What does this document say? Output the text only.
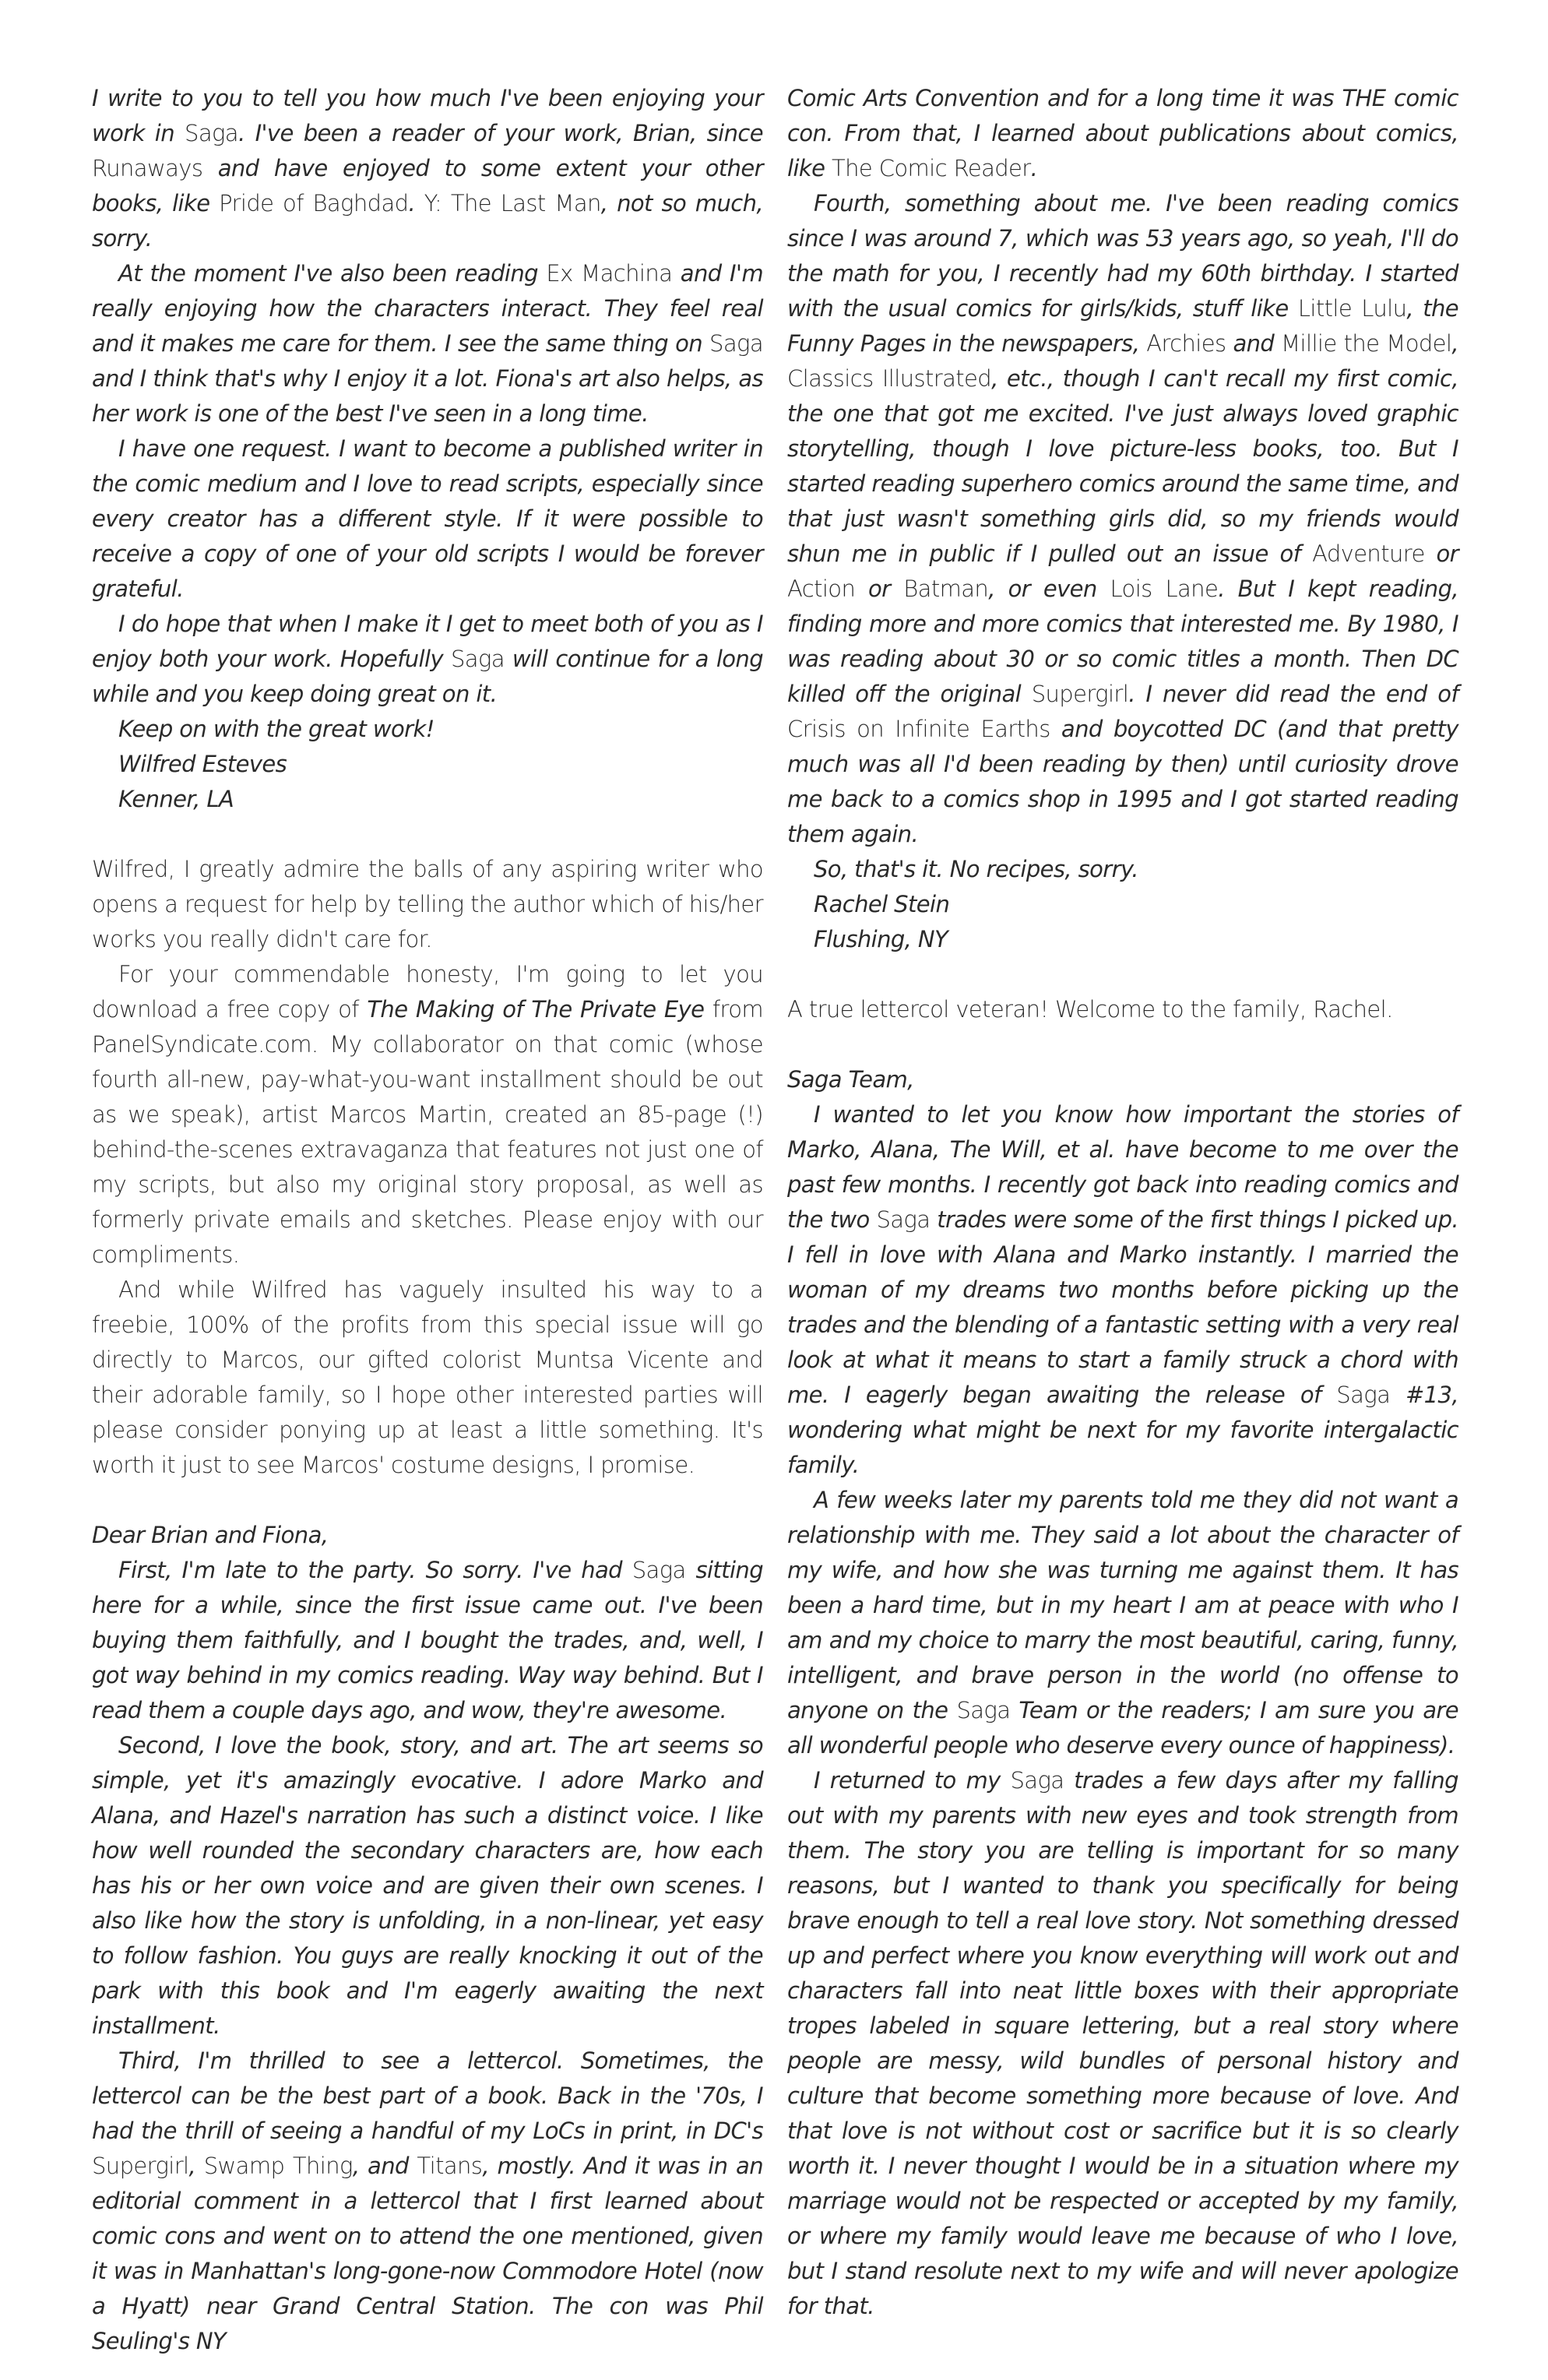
I write to you to tell you how much I've been enjoying your work in Saga. I've been a reader of your work, Brian, since Runaways and have enjoyed to some extent your other books, like Pride of Baghdad. Y: The Last Man, not so much, sorry.

At the moment I've also been reading Ex Machina and I'm really enjoying how the characters interact. They feel real and it makes me care for them. I see the same thing on Saga and I think that's why I enjoy it a lot. Fiona's art also helps, as her work is one of the best I've seen in a long time.

I have one request. I want to become a published writer in the comic medium and I love to read scripts, especially since every creator has a different style. If it were possible to receive a copy of one of your old scripts I would be forever grateful.

I do hope that when I make it I get to meet both of you as I enjoy both your work. Hopefully Saga will continue for a long while and you keep doing great on it.

Keep on with the great work!

Wilfred Esteves

Kenner, LA

Wilfred, I greatly admire the balls of any aspiring writer who opens a request for help by telling the author which of his/her works you really didn't care for.

For your commendable honesty, I'm going to let you download a free copy of The Making of The Private Eye from PanelSyndicate.com. My collaborator on that comic (whose fourth all-new, pay-what-you-want installment should be out as we speak), artist Marcos Martin, created an 85-page (!) behind-the-scenes extravaganza that features not just one of my scripts, but also my original story proposal, as well as formerly private emails and sketches. Please enjoy with our compliments.

And while Wilfred has vaguely insulted his way to a freebie, 100% of the profits from this special issue will go directly to Marcos, our gifted colorist Muntsa Vicente and their adorable family, so I hope other interested parties will please consider ponying up at least a little something. It's worth it just to see Marcos' costume designs, I promise.

Dear Brian and Fiona,

First, I'm late to the party. So sorry. I've had Saga sitting here for a while, since the first issue came out. I've been buying them faithfully, and I bought the trades, and, well, I got way behind in my comics reading. Way way behind. But I read them a couple days ago, and wow, they're awesome.

Second, I love the book, story, and art. The art seems so simple, yet it's amazingly evocative. I adore Marko and Alana, and Hazel's narration has such a distinct voice. I like how well rounded the secondary characters are, how each has his or her own voice and are given their own scenes. I also like how the story is unfolding, in a non-linear, yet easy to follow fashion. You guys are really knocking it out of the park with this book and I'm eagerly awaiting the next installment.

Third, I'm thrilled to see a lettercol. Sometimes, the lettercol can be the best part of a book. Back in the '70s, I had the thrill of seeing a handful of my LoCs in print, in DC's Supergirl, Swamp Thing, and Titans, mostly. And it was in an editorial comment in a lettercol that I first learned about comic cons and went on to attend the one mentioned, given it was in Manhattan's long-gone-now Commodore Hotel (now a Hyatt) near Grand Central Station. The con was Phil Seuling's NY

Comic Arts Convention and for a long time it was THE comic con. From that, I learned about publications about comics, like The Comic Reader.

Fourth, something about me. I've been reading comics since I was around 7, which was 53 years ago, so yeah, I'll do the math for you, I recently had my 60th birthday. I started with the usual comics for girls/kids, stuff like Little Lulu, the Funny Pages in the newspapers, Archies and Millie the Model, Classics Illustrated, etc., though I can't recall my first comic, the one that got me excited. I've just always loved graphic storytelling, though I love picture-less books, too. But I started reading superhero comics around the same time, and that just wasn't something girls did, so my friends would shun me in public if I pulled out an issue of Adventure or Action or Batman, or even Lois Lane. But I kept reading, finding more and more comics that interested me. By 1980, I was reading about 30 or so comic titles a month. Then DC killed off the original Supergirl. I never did read the end of Crisis on Infinite Earths and boycotted DC (and that pretty much was all I'd been reading by then) until curiosity drove me back to a comics shop in 1995 and I got started reading them again.

So, that's it. No recipes, sorry.

Rachel Stein

Flushing, NY

A true lettercol veteran! Welcome to the family, Rachel.

Saga Team,

I wanted to let you know how important the stories of Marko, Alana, The Will, et al. have become to me over the past few months. I recently got back into reading comics and the two Saga trades were some of the first things I picked up. I fell in love with Alana and Marko instantly. I married the woman of my dreams two months before picking up the trades and the blending of a fantastic setting with a very real look at what it means to start a family struck a chord with me. I eagerly began awaiting the release of Saga #13, wondering what might be next for my favorite intergalactic family.

A few weeks later my parents told me they did not want a relationship with me. They said a lot about the character of my wife, and how she was turning me against them. It has been a hard time, but in my heart I am at peace with who I am and my choice to marry the most beautiful, caring, funny, intelligent, and brave person in the world (no offense to anyone on the Saga Team or the readers; I am sure you are all wonderful people who deserve every ounce of happiness).

I returned to my Saga trades a few days after my falling out with my parents with new eyes and took strength from them. The story you are telling is important for so many reasons, but I wanted to thank you specifically for being brave enough to tell a real love story. Not something dressed up and perfect where you know everything will work out and characters fall into neat little boxes with their appropriate tropes labeled in square lettering, but a real story where people are messy, wild bundles of personal history and culture that become something more because of love. And that love is not without cost or sacrifice but it is so clearly worth it. I never thought I would be in a situation where my marriage would not be respected or accepted by my family, or where my family would leave me because of who I love, but I stand resolute next to my wife and will never apologize for that.
